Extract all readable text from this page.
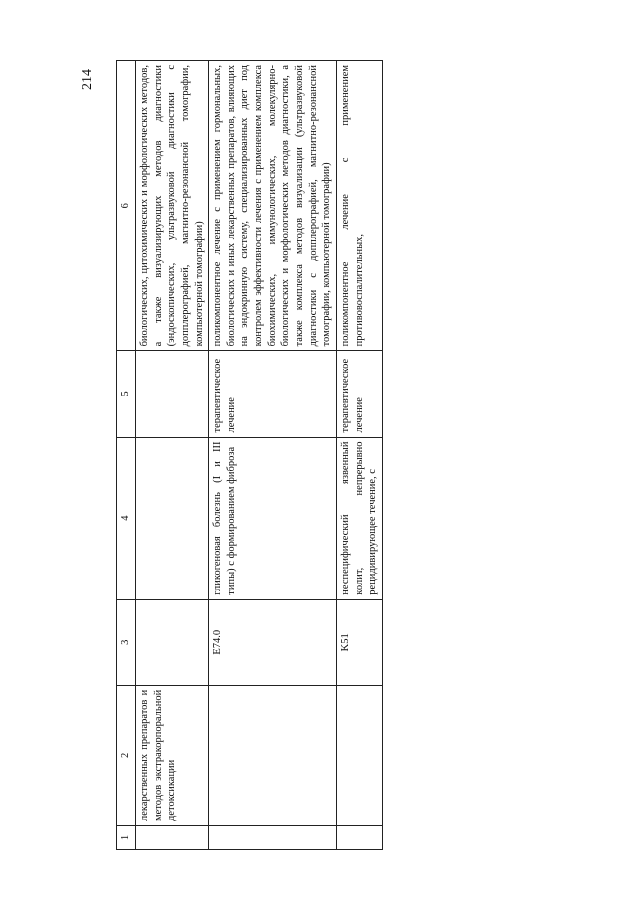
214
1	2	3	4	5	6
	лекарственных препаратов и методов экстракорпоральной детоксикации				биологических, цитохимических и морфологических методов, а также визуализирующих методов диагностики (эндоскопических, ультразвуковой диагностики с допплерографией, магнитно-резонансной томографии, компьютерной томографии)
		E74.0	гликогеновая болезнь (I и III типы) с формированием фиброза	терапевтическое лечение	поликомпонентное лечение с применением гормональных, биологических и иных лекарственных препаратов, влияющих на эндокринную систему, специализированных диет под контролем эффективности лечения с применением комплекса биохимических, иммунологических, молекулярно-биологических и морфологических методов диагностики, а также комплекса методов визуализации (ультразвуковой диагностики с допплерографией, магнитно-резонансной томографии, компьютерной томографии)
		K51	неспецифический язвенный колит, непрерывно рецидивирующее течение, с	терапевтическое лечение	поликомпонентное лечение с применением противовоспалительных,
